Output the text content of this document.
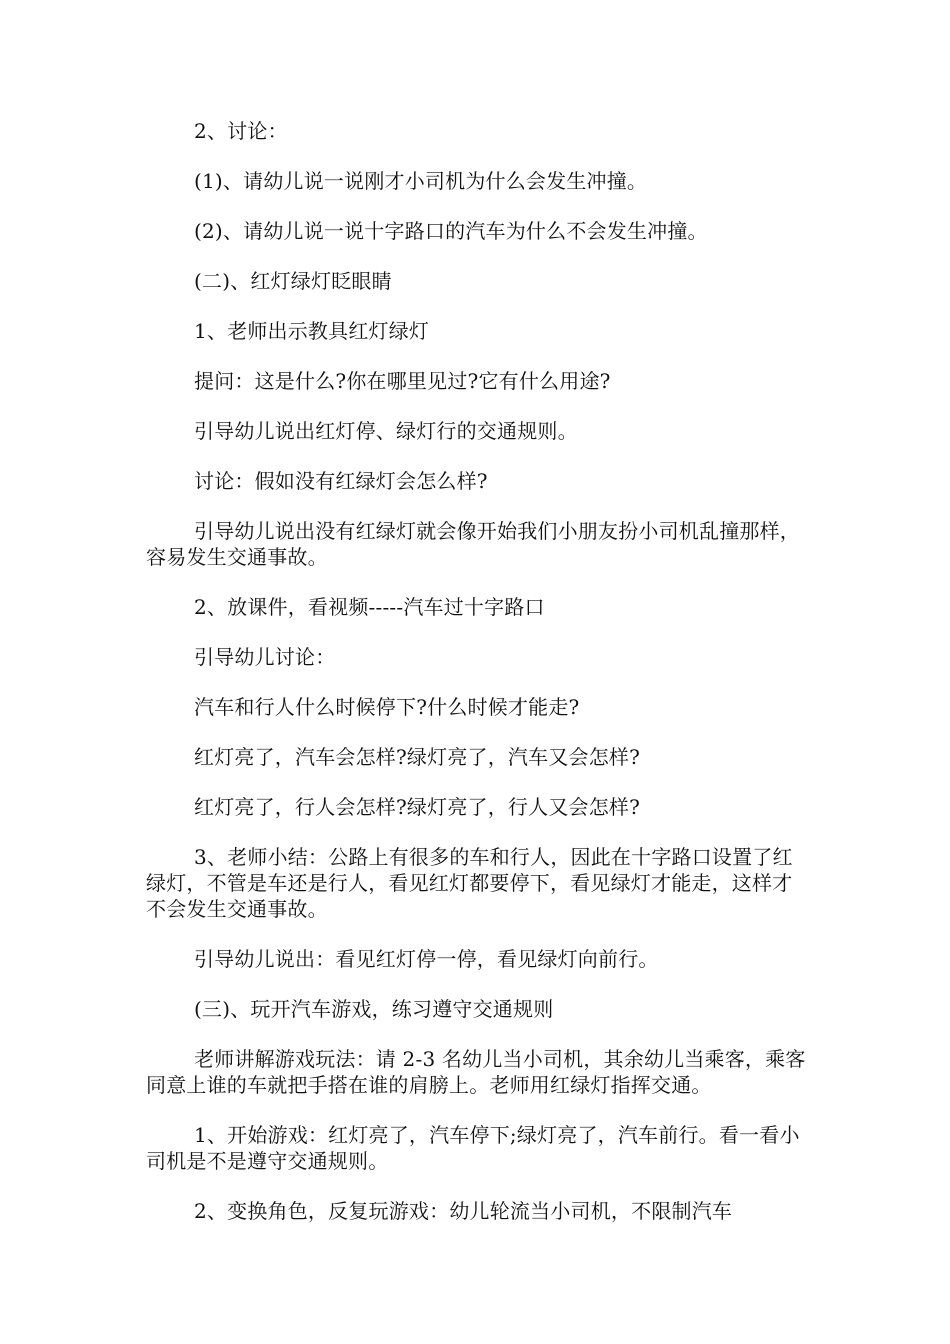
2、讨论：

(1)、请幼儿说一说刚才小司机为什么会发生冲撞。

(2)、请幼儿说一说十字路口的汽车为什么不会发生冲撞。

(二)、红灯绿灯眨眼睛

1、老师出示教具红灯绿灯

提问：这是什么?你在哪里见过?它有什么用途?

引导幼儿说出红灯停、绿灯行的交通规则。

讨论：假如没有红绿灯会怎么样?

引导幼儿说出没有红绿灯就会像开始我们小朋友扮小司机乱撞那样，容易发生交通事故。

2、放课件，看视频-----汽车过十字路口

引导幼儿讨论：

汽车和行人什么时候停下?什么时候才能走?

红灯亮了，汽车会怎样?绿灯亮了，汽车又会怎样?

红灯亮了，行人会怎样?绿灯亮了，行人又会怎样?

3、老师小结：公路上有很多的车和行人，因此在十字路口设置了红绿灯，不管是车还是行人，看见红灯都要停下，看见绿灯才能走，这样才不会发生交通事故。

引导幼儿说出：看见红灯停一停，看见绿灯向前行。

(三)、玩开汽车游戏，练习遵守交通规则

老师讲解游戏玩法：请 2-3 名幼儿当小司机，其余幼儿当乘客，乘客同意上谁的车就把手搭在谁的肩膀上。老师用红绿灯指挥交通。

1、开始游戏：红灯亮了，汽车停下;绿灯亮了，汽车前行。看一看小司机是不是遵守交通规则。

2、变换角色，反复玩游戏：幼儿轮流当小司机，不限制汽车
